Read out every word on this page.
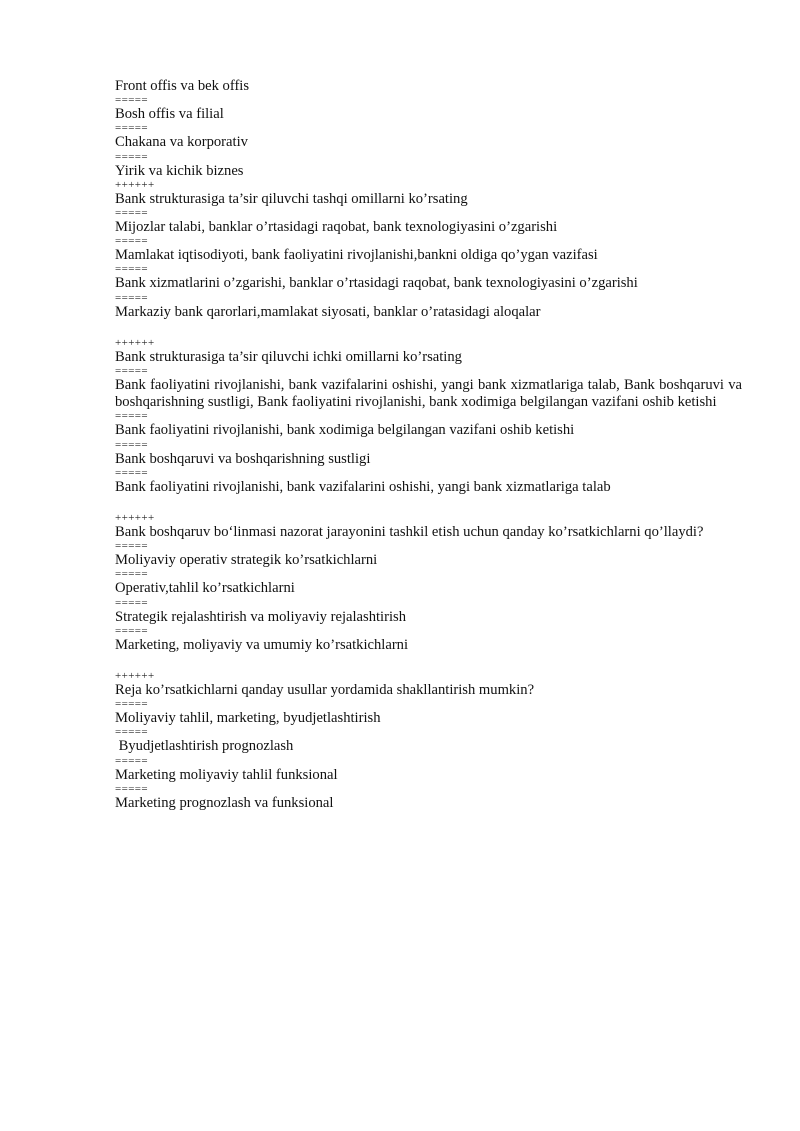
Front offis va bek offis

=====

Bosh offis va filial

=====

Chakana va korporativ

=====

Yirik va kichik biznes

++++++

Bank strukturasiga ta’sir qiluvchi tashqi omillarni ko’rsating

=====

Mijozlar talabi, banklar o’rtasidagi raqobat, bank texnologiyasini o’zgarishi

=====

Mamlakat iqtisodiyoti, bank faoliyatini rivojlanishi,bankni oldiga qo’ygan vazifasi

=====

Bank xizmatlarini o’zgarishi, banklar o’rtasidagi raqobat, bank texnologiyasini o’zgarishi

=====

Markaziy bank qarorlari,mamlakat siyosati, banklar o’ratasidagi aloqalar

++++++

Bank strukturasiga ta’sir qiluvchi ichki omillarni ko’rsating

=====

Bank faoliyatini rivojlanishi, bank vazifalarini oshishi, yangi bank xizmatlariga talab, Bank boshqaruvi va boshqarishning sustligi, Bank faoliyatini rivojlanishi, bank xodimiga belgilangan vazifani oshib ketishi

=====

Bank faoliyatini rivojlanishi, bank xodimiga belgilangan vazifani oshib ketishi

=====

Bank boshqaruvi va boshqarishning sustligi

=====

Bank faoliyatini rivojlanishi, bank vazifalarini oshishi, yangi bank xizmatlariga talab

++++++

Bank boshqaruv bo‘linmasi nazorat jarayonini tashkil etish uchun qanday ko’rsatkichlarni qo’llaydi?

=====

Moliyaviy operativ strategik ko’rsatkichlarni

=====

Operativ,tahlil ko’rsatkichlarni

=====

Strategik rejalashtirish va moliyaviy rejalashtirish

=====

Marketing, moliyaviy va umumiy ko’rsatkichlarni

++++++

Reja ko’rsatkichlarni qanday usullar yordamida shakllantirish mumkin?

=====

Moliyaviy tahlil, marketing, byudjetlashtirish

=====

Byudjetlashtirish prognozlash

=====

Marketing moliyaviy tahlil funksional

=====

Marketing prognozlash va funksional
